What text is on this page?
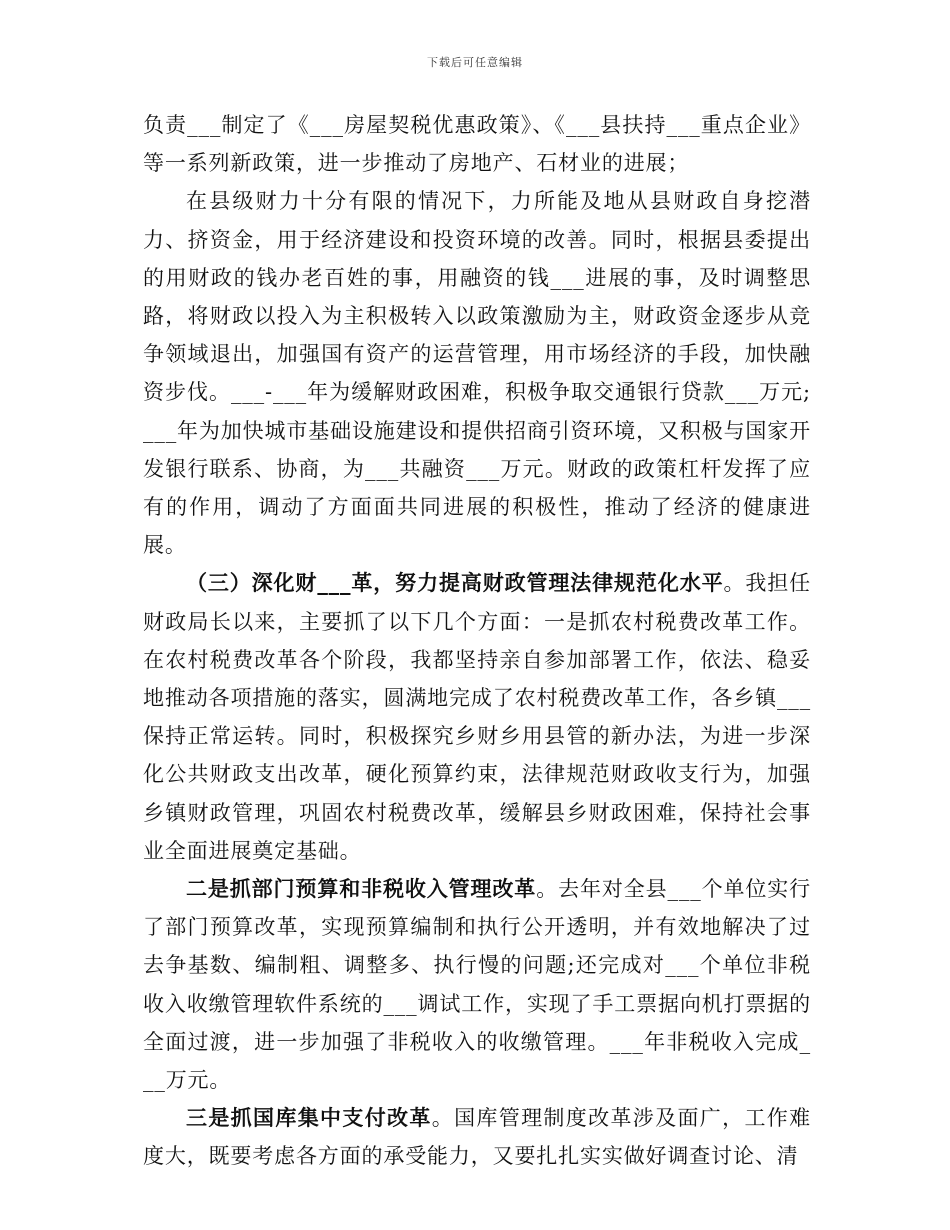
下载后可任意编辑

负责___制定了《___房屋契税优惠政策》、《___县扶持___重点企业》等一系列新政策，进一步推动了房地产、石材业的进展；

在县级财力十分有限的情况下，力所能及地从县财政自身挖潜力、挤资金，用于经济建设和投资环境的改善。同时，根据县委提出的用财政的钱办老百姓的事，用融资的钱___进展的事，及时调整思路，将财政以投入为主积极转入以政策激励为主，财政资金逐步从竞争领域退出，加强国有资产的运营管理，用市场经济的手段，加快融资步伐。___-___年为缓解财政困难，积极争取交通银行贷款___万元;___年为加快城市基础设施建设和提供招商引资环境，又积极与国家开发银行联系、协商，为___共融资___万元。财政的政策杠杆发挥了应有的作用，调动了方面面共同进展的积极性，推动了经济的健康进展。

（三）深化财___革，努力提高财政管理法律规范化水平。我担任财政局长以来，主要抓了以下几个方面：一是抓农村税费改革工作。在农村税费改革各个阶段，我都坚持亲自参加部署工作，依法、稳妥地推动各项措施的落实，圆满地完成了农村税费改革工作，各乡镇___保持正常运转。同时，积极探究乡财乡用县管的新办法，为进一步深化公共财政支出改革，硬化预算约束，法律规范财政收支行为，加强乡镇财政管理，巩固农村税费改革，缓解县乡财政困难，保持社会事业全面进展奠定基础。

二是抓部门预算和非税收入管理改革。去年对全县___个单位实行了部门预算改革，实现预算编制和执行公开透明，并有效地解决了过去争基数、编制粗、调整多、执行慢的问题;还完成对___个单位非税收入收缴管理软件系统的___调试工作，实现了手工票据向机打票据的全面过渡，进一步加强了非税收入的收缴管理。___年非税收入完成___万元。

三是抓国库集中支付改革。国库管理制度改革涉及面广，工作难度大，既要考虑各方面的承受能力，又要扎扎实实做好调查讨论、清
